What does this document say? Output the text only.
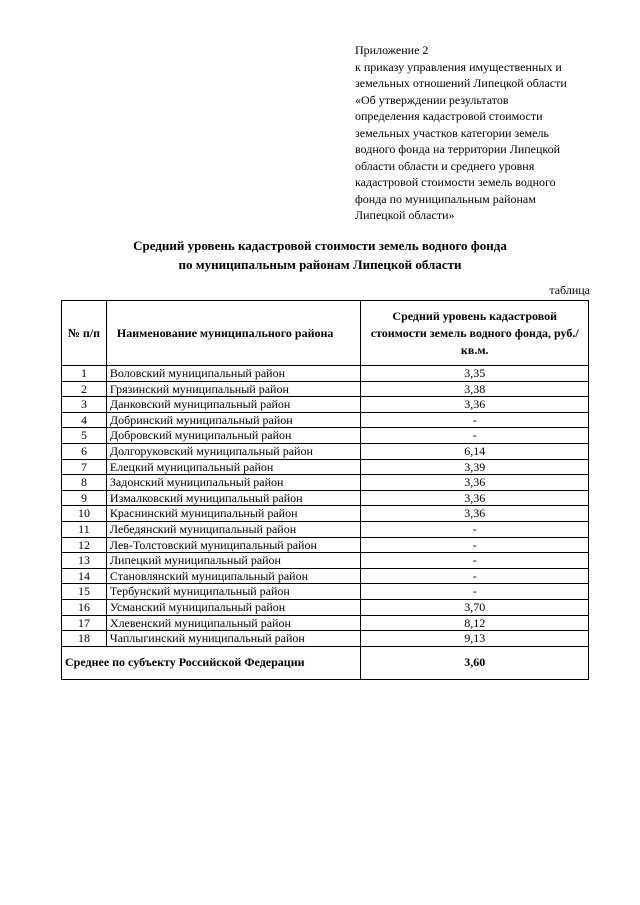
Приложение 2
к приказу управления имущественных и
земельных отношений Липецкой области
«Об утверждении результатов
определения кадастровой стоимости
земельных участков категории земель
водного фонда на территории Липецкой
области области и среднего уровня
кадастровой стоимости земель водного
фонда по муниципальным районам
Липецкой области»
Средний уровень кадастровой стоимости земель водного фонда
по муниципальным районам Липецкой области
таблица
№ п/п	Наименование муниципального района	Средний уровень кадастровой стоимости земель водного фонда, руб./кв.м.
1	Воловский муниципальный район	3,35
2	Грязинский муниципальный район	3,38
3	Данковский муниципальный район	3,36
4	Добринский муниципальный район	-
5	Добровский муниципальный район	-
6	Долгоруковский муниципальный район	6,14
7	Елецкий муниципальный район	3,39
8	Задонский муниципальный район	3,36
9	Измалковский муниципальный район	3,36
10	Краснинский муниципальный район	3,36
11	Лебедянский муниципальный район	-
12	Лев-Толстовский муниципальный район	-
13	Липецкий муниципальный район	-
14	Становлянский муниципальный район	-
15	Тербунский муниципальный район	-
16	Усманский муниципальный район	3,70
17	Хлевенский муниципальный район	8,12
18	Чаплыгинский муниципальный район	9,13
Среднее по субъекту Российской Федерации		3,60
